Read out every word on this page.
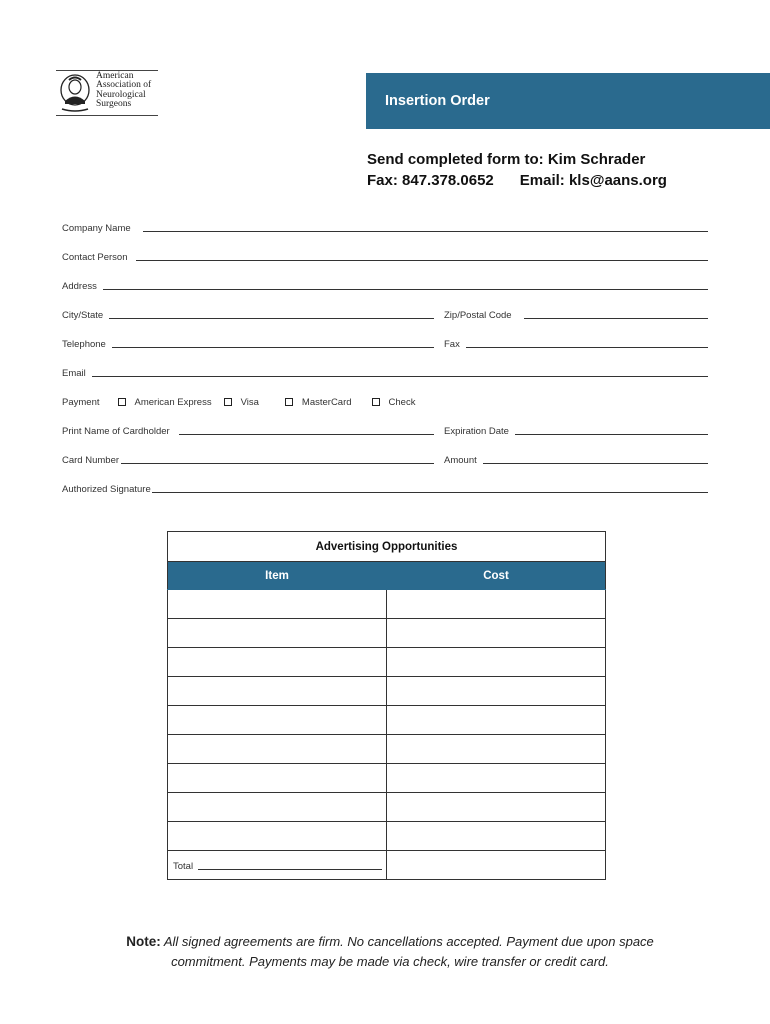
American
Association of
Neurological
Surgeons	Insertion Order
Send completed form to: Kim Schrader
Fax: 847.378.0652 Email: kls@aans.org
Company Name
Contact Person
Address
City/State	Zip/Postal Code
Telephone	Fax
Email
Payment	American Express	Visa	MasterCard	Check
Print Name of Cardholder	Expiration Date
Card Number	Amount
Authorized Signature
Advertising Opportunities	
Item	Cost

Total	

Note: All signed agreements are firm. No cancellations accepted. Payment due upon space commitment. Payments may be made via check, wire transfer or credit card.
